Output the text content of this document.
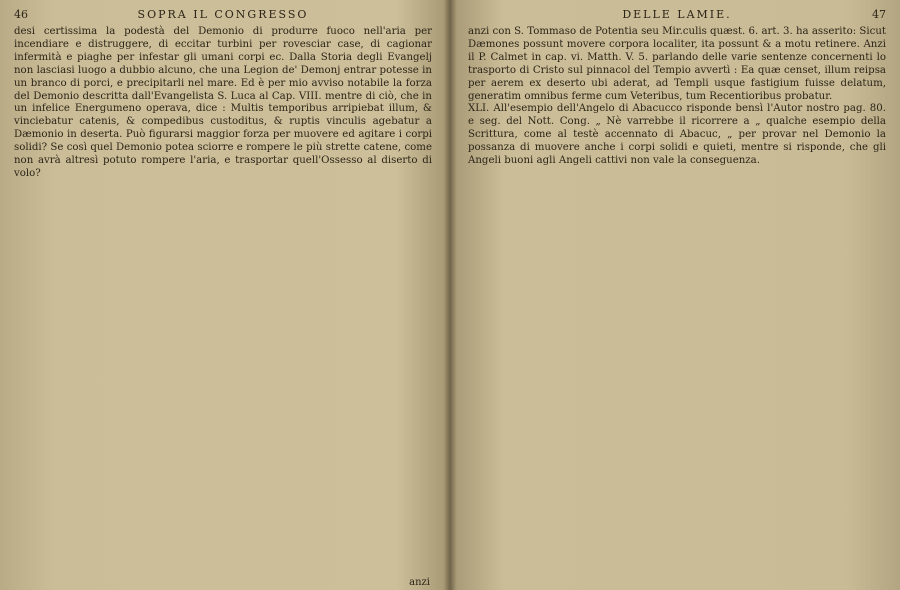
46	SOPRA IL CONGRESSO

desi certissima la podestà del Demonio di produrre fuoco nell'aria per incendiare e distruggere, di eccitar turbini per rovesciar case, di cagionar infermità e piaghe per infestar gli umani corpi ec. Dalla Storia degli Evangelj non lasciasi luogo a dubbio alcuno, che una Legion de' Demonj entrar potesse in un branco di porci, e precipitarli nel mare. Ed è per mio avviso notabile la forza del Demonio descritta dall'Evangelista S. Luca al Cap. VIII. mentre di ciò, che in un infelice Energumeno operava, dice : Multis temporibus arripiebat illum, & vinciebatur catenis, & compedibus custoditus, & ruptis vinculis agebatur a Dæmonio in deserta. Può figurarsi maggior forza per muovere ed agitare i corpi solidi? Se così quel Demonio potea sciorre e rompere le più strette catene, come non avrà altresì potuto rompere l'aria, e trasportar quell'Ossesso al diserto di volo?

anzi
DELLE LAMIE.	47

anzi con S. Tommaso de Potentia seu Mir.culis quæst. 6. art. 3. ha asserito: Sicut Dæmones possunt movere corpora localiter, ita possunt & a motu retinere. Anzi il P. Calmet in cap. vi. Matth. V. 5. parlando delle varie sentenze concernenti lo trasporto di Cristo sul pinnacol del Tempio avvertì : Ea quæ censet, illum reipsa per aerem ex deserto ubi aderat, ad Templi usque fastigium fuisse delatum, generatim omnibus ferme cum Veteribus, tum Recentioribus probatur.

XLI. All'esempio dell'Angelo di Abacucco risponde bensì l'Autor nostro pag. 80. e seg. del Nott. Cong. „ Nè varrebbe il ricorrere a „ qualche esempio della Scrittura, come al testè accennato di Abacuc, „ per provar nel Demonio la possanza di muovere anche i corpi solidi e quieti, mentre si risponde, che gli Angeli buoni agli Angeli cattivi non vale la conseguenza.
